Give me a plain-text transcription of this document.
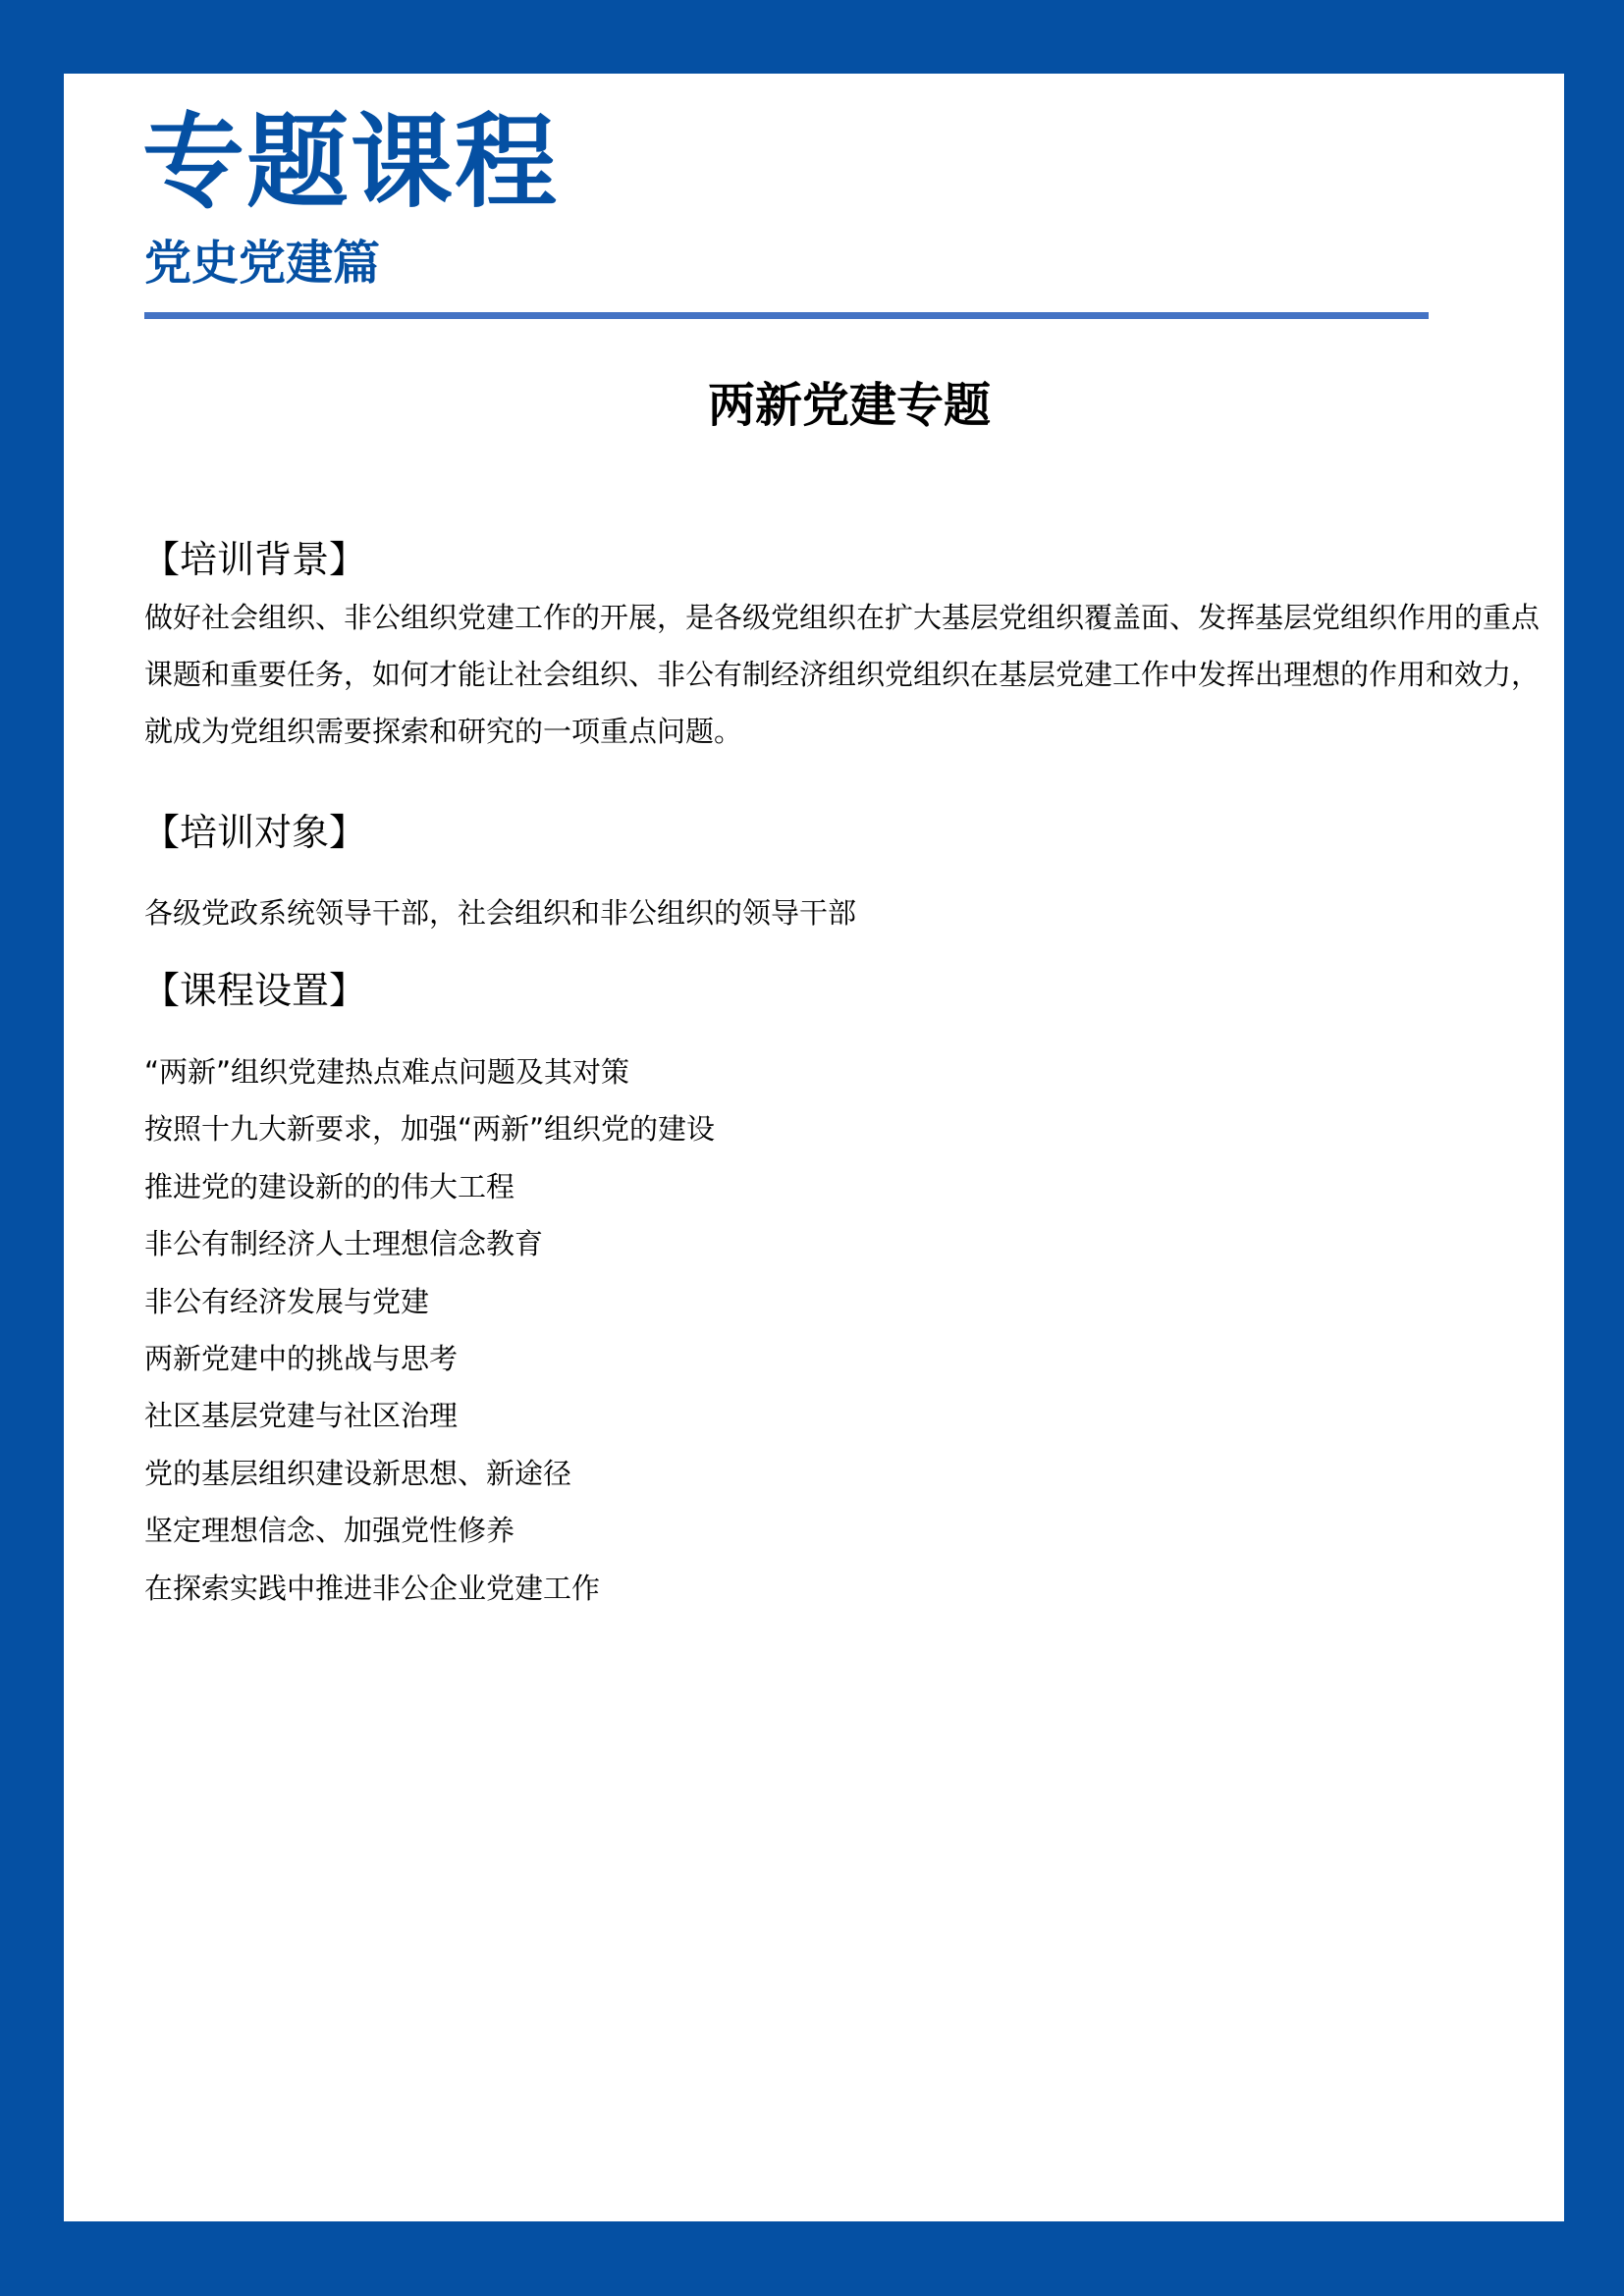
专题课程
党史党建篇
两新党建专题
【培训背景】
做好社会组织、非公组织党建工作的开展，是各级党组织在扩大基层党组织覆盖面、发挥基层党组织作用的重点课题和重要任务，如何才能让社会组织、非公有制经济组织党组织在基层党建工作中发挥出理想的作用和效力，就成为党组织需要探索和研究的一项重点问题。
【培训对象】
各级党政系统领导干部，社会组织和非公组织的领导干部
【课程设置】
“两新”组织党建热点难点问题及其对策
按照十九大新要求，加强“两新”组织党的建设
推进党的建设新的的伟大工程
非公有制经济人士理想信念教育
非公有经济发展与党建
两新党建中的挑战与思考
社区基层党建与社区治理
党的基层组织建设新思想、新途径
坚定理想信念、加强党性修养
在探索实践中推进非公企业党建工作
